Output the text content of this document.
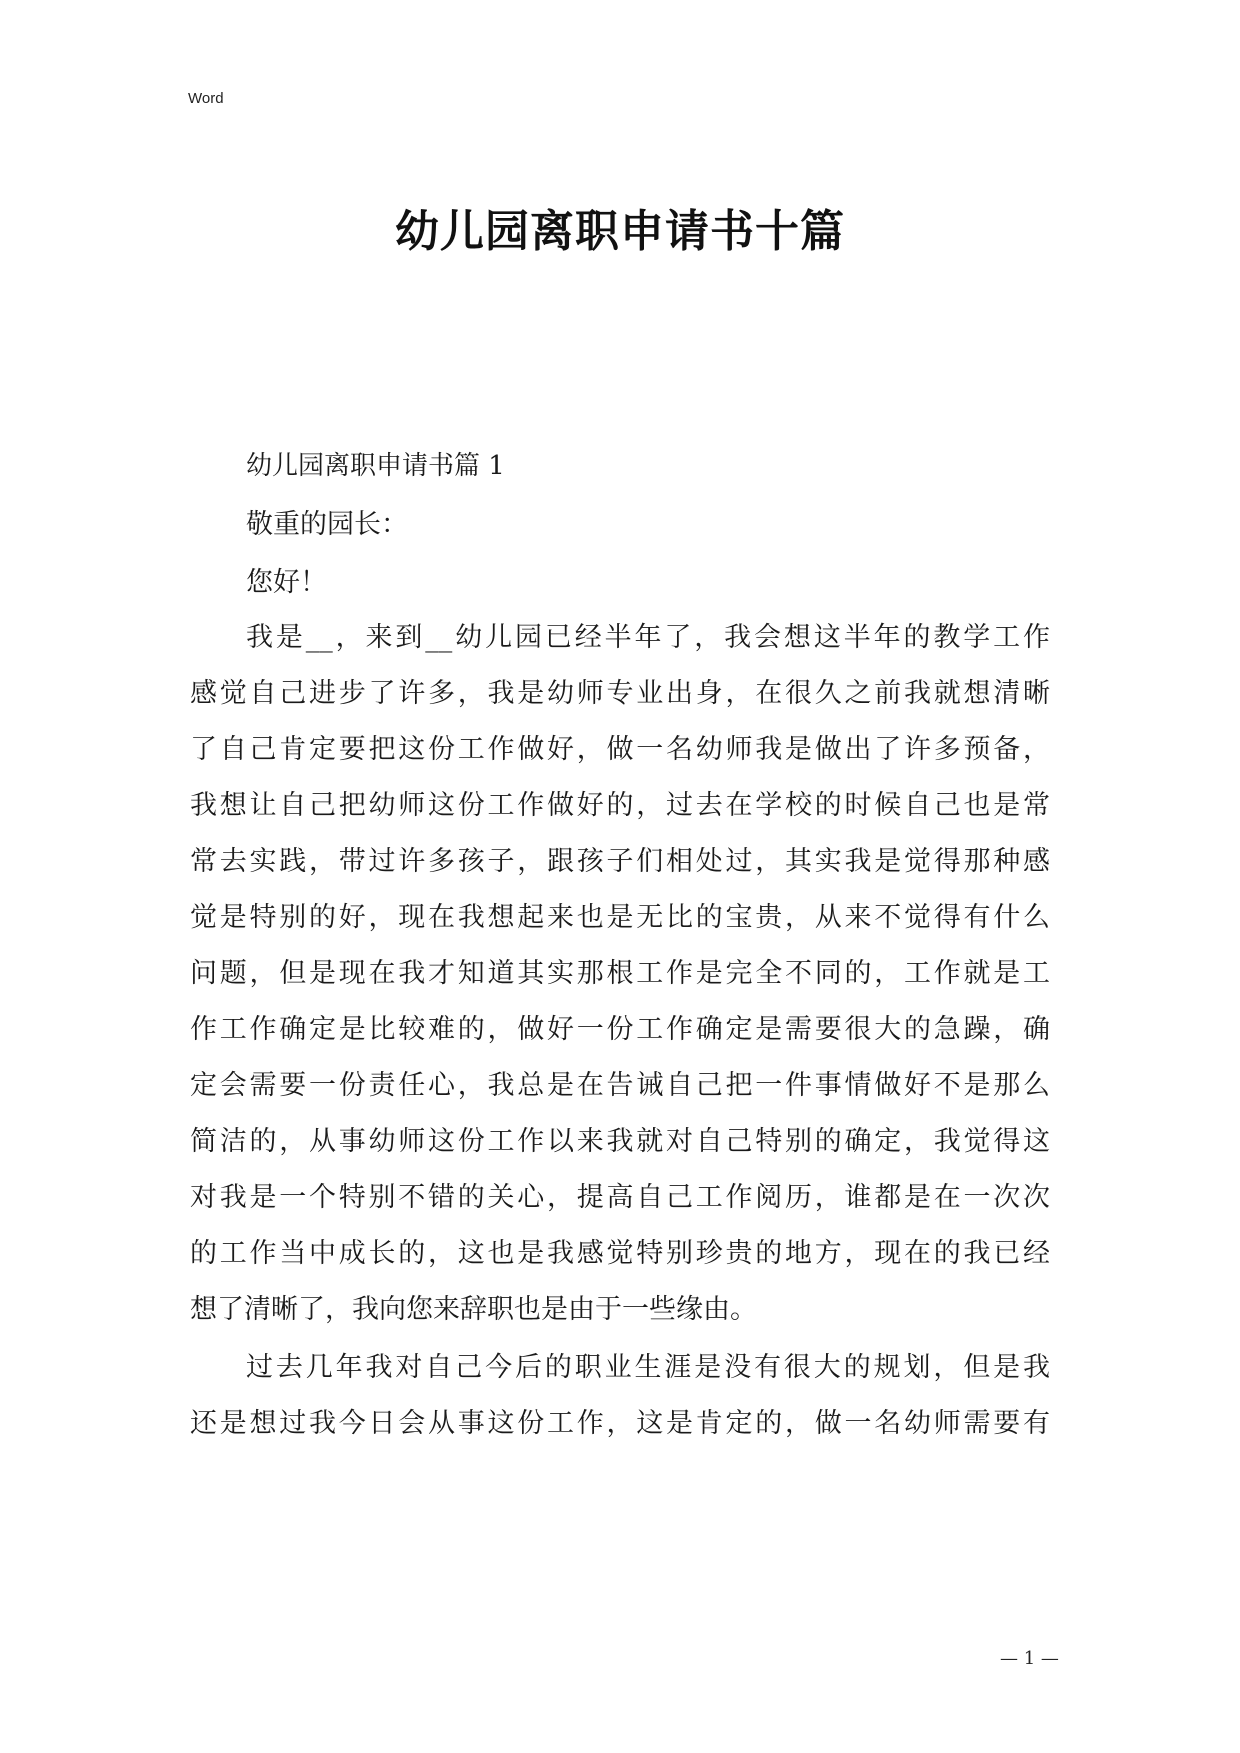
Word
幼儿园离职申请书十篇
幼儿园离职申请书篇 1

敬重的园长：

您好！

我是__，来到__幼儿园已经半年了，我会想这半年的教学工作

感觉自己进步了许多，我是幼师专业出身，在很久之前我就想清晰

了自己肯定要把这份工作做好，做一名幼师我是做出了许多预备，

我想让自己把幼师这份工作做好的，过去在学校的时候自己也是常

常去实践，带过许多孩子，跟孩子们相处过，其实我是觉得那种感

觉是特别的好，现在我想起来也是无比的宝贵，从来不觉得有什么

问题，但是现在我才知道其实那根工作是完全不同的，工作就是工

作工作确定是比较难的，做好一份工作确定是需要很大的急躁，确

定会需要一份责任心，我总是在告诫自己把一件事情做好不是那么

简洁的，从事幼师这份工作以来我就对自己特别的确定，我觉得这

对我是一个特别不错的关心，提高自己工作阅历，谁都是在一次次

的工作当中成长的，这也是我感觉特别珍贵的地方，现在的我已经

想了清晰了，我向您来辞职也是由于一些缘由。

过去几年我对自己今后的职业生涯是没有很大的规划，但是我

还是想过我今日会从事这份工作，这是肯定的，做一名幼师需要有

— 1 —
